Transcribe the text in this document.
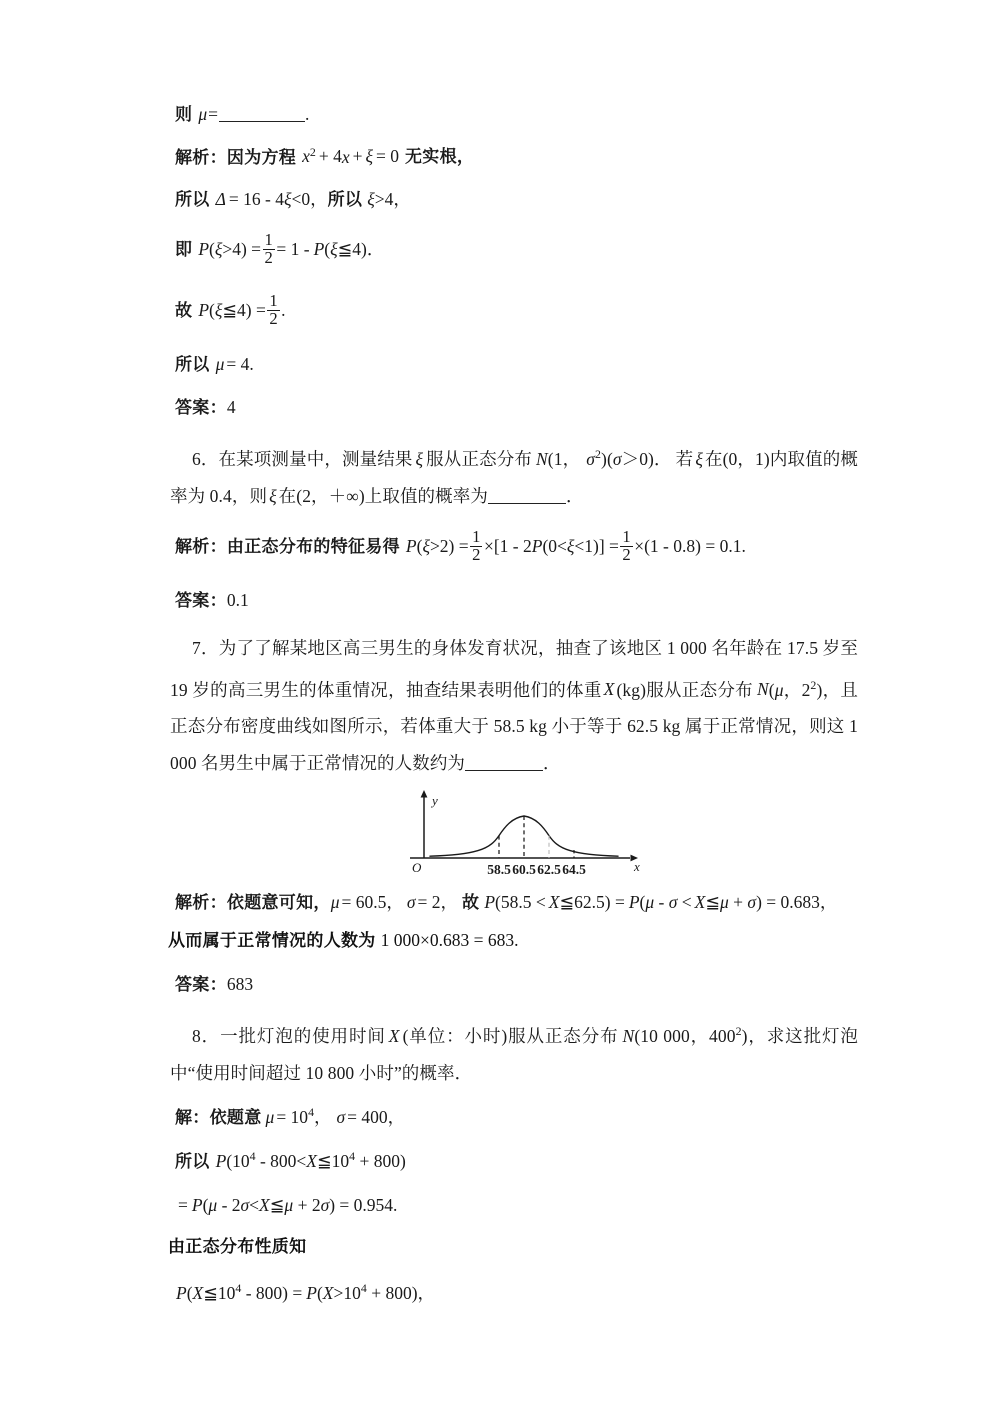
则 μ=	.
解析：因为方程 $x^2 + 4x + \xi = 0$ 无实根，
所以 Δ = 16 - 4ξ<0，所以 ξ>4，
即 $P(\xi>4) = \frac{1}{2} = 1$ - P(ξ≦4)．
故 P(ξ≦4) = $\frac{1}{2}$ .
所以 μ = 4.
答案：4
6．在某项测量中，测量结果 ξ 服从正态分布 N(1， $\sigma^2)(\sigma>0)$． 若 ξ 在(0，1)内取值的概率为 0.4，则 ξ 在(2，＋∞)上取值的概率为	．
解析：由正态分布的特征易得 $P(\xi>2) = \frac{1}{2} \times[1 - 2P(0<\xi<1)] = \frac{1}{2} \times(1 - 0.8) = 0.1$.
答案：0.1
7．为了了解某地区高三男生的身体发育状况，抽查了该地区 1 000 名年龄在 17.5 岁至 19 岁的高三男生的体重情况，抽查结果表明他们的体重 X (kg)服从正态分布 N(μ，$2^2$)，且正态分布密度曲线如图所示，若体重大于 58.5 kg 小于等于 62.5 kg 属于正常情况，则这 1 000 名男生中属于正常情况的人数约为	．
O
y
x
58.5 60.5 62.5 64.5
解析：依题意可知，μ = 60.5， σ = 2， 故 P(58.5 < X≦62.5) = P(μ - σ < X≦μ + σ) = 0.683，
从而属于正常情况的人数为 1 000×0.683 = 683.
答案：683
8．一批灯泡的使用时间 X (单位：小时)服从正态分布 N(10 000，$400^2$)，求这批灯泡中“使用时间超过 10 800 小时”的概率．
解：依题意 $\mu = 10^4$， σ = 400，
所以 $P(10^4$ - $800<X≦10^4 + 800$)
= P(μ - 2σ<X≦μ + 2σ) = 0.954.
由正态分布性质知
$P(X≦10^4 - 800) = P(X>10^4 + 800)$，
